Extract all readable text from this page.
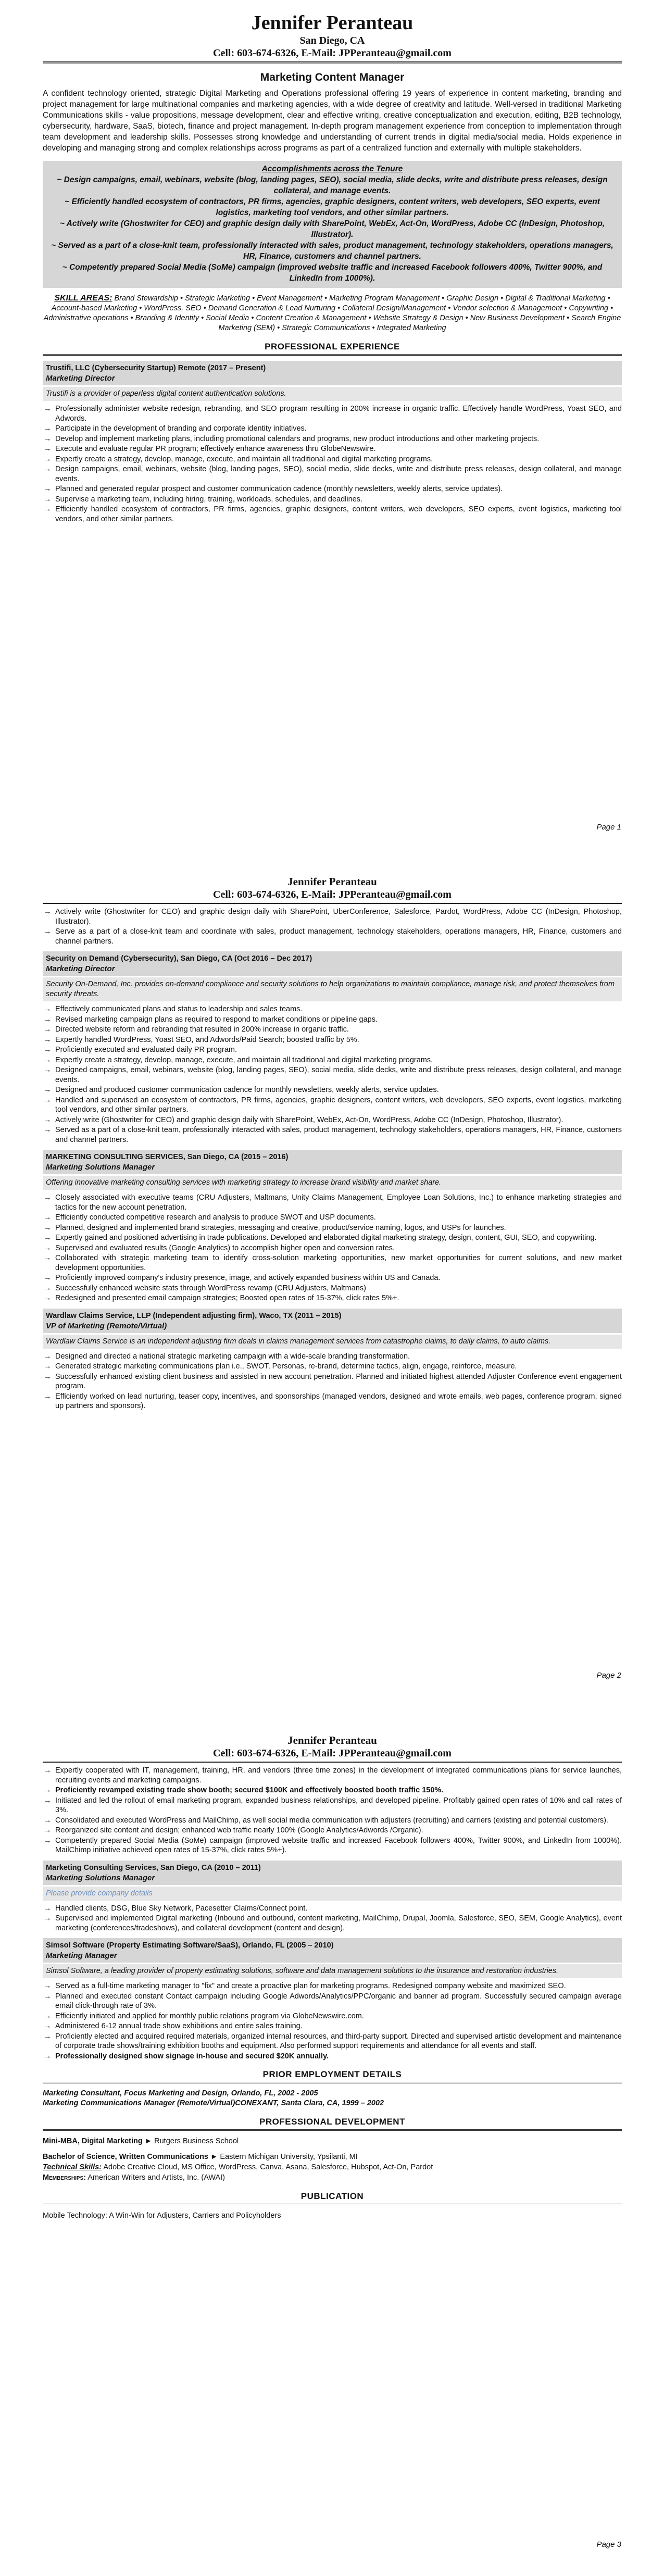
Jennifer Peranteau
San Diego, CA
Cell: 603-674-6326, E-Mail: JPPeranteau@gmail.com
Marketing Content Manager

A confident technology oriented, strategic Digital Marketing and Operations professional offering 19 years of experience in content marketing, branding and project management for large multinational companies and marketing agencies, with a wide degree of creativity and latitude. Well-versed in traditional Marketing Communications skills - value propositions, message development, clear and effective writing, creative conceptualization and execution, editing, B2B technology, cybersecurity, hardware, SaaS, biotech, finance and project management. In-depth program management experience from conception to implementation through team development and leadership skills. Possesses strong knowledge and understanding of current trends in digital media/social media. Holds experience in developing and managing strong and complex relationships across programs as part of a centralized function and externally with multiple stakeholders.

Accomplishments across the Tenure
~ Design campaigns, email, webinars, website (blog, landing pages, SEO), social media, slide decks, write and distribute press releases, design collateral, and manage events.
~ Efficiently handled ecosystem of contractors, PR firms, agencies, graphic designers, content writers, web developers, SEO experts, event logistics, marketing tool vendors, and other similar partners.
~ Actively write (Ghostwriter for CEO) and graphic design daily with SharePoint, WebEx, Act-On, WordPress, Adobe CC (InDesign, Photoshop, Illustrator).
~ Served as a part of a close-knit team, professionally interacted with sales, product management, technology stakeholders, operations managers, HR, Finance, customers and channel partners.
~ Competently prepared Social Media (SoMe) campaign (improved website traffic and increased Facebook followers 400%, Twitter 900%, and LinkedIn from 1000%).
SKILL AREAS: Brand Stewardship • Strategic Marketing • Event Management • Marketing Program Management • Graphic Design • Digital & Traditional Marketing • Account-based Marketing • WordPress, SEO • Demand Generation & Lead Nurturing • Collateral Design/Management • Vendor selection & Management • Copywriting • Administrative operations • Branding & Identity • Social Media • Content Creation & Management • Website Strategy & Design • New Business Development • Search Engine Marketing (SEM) • Strategic Communications • Integrated Marketing
PROFESSIONAL EXPERIENCE
Trustifi, LLC (Cybersecurity Startup) Remote (2017 – Present)
Marketing Director
Trustifi is a provider of paperless digital content authentication solutions.
→ Professionally administer website redesign, rebranding, and SEO program resulting in 200% increase in organic traffic. Effectively handle WordPress, Yoast SEO, and Adwords.
→ Participate in the development of branding and corporate identity initiatives.
→ Develop and implement marketing plans, including promotional calendars and programs, new product introductions and other marketing projects.
→ Execute and evaluate regular PR program; effectively enhance awareness thru GlobeNewswire.
→ Expertly create a strategy, develop, manage, execute, and maintain all traditional and digital marketing programs.
→ Design campaigns, email, webinars, website (blog, landing pages, SEO), social media, slide decks, write and distribute press releases, design collateral, and manage events.
→ Planned and generated regular prospect and customer communication cadence (monthly newsletters, weekly alerts, service updates).
→ Supervise a marketing team, including hiring, training, workloads, schedules, and deadlines.
→ Efficiently handled ecosystem of contractors, PR firms, agencies, graphic designers, content writers, web developers, SEO experts, event logistics, marketing tool vendors, and other similar partners.
Page 1
Jennifer Peranteau
Cell: 603-674-6326, E-Mail: JPPeranteau@gmail.com
→ Actively write (Ghostwriter for CEO) and graphic design daily with SharePoint, UberConference, Salesforce, Pardot, WordPress, Adobe CC (InDesign, Photoshop, Illustrator).
→ Serve as a part of a close-knit team and coordinate with sales, product management, technology stakeholders, operations managers, HR, Finance, customers and channel partners.
Security on Demand (Cybersecurity), San Diego, CA (Oct 2016 – Dec 2017)
Marketing Director
Security On-Demand, Inc. provides on-demand compliance and security solutions to help organizations to maintain compliance, manage risk, and protect themselves from security threats.
→ Effectively communicated plans and status to leadership and sales teams.
→ Revised marketing campaign plans as required to respond to market conditions or pipeline gaps.
→ Directed website reform and rebranding that resulted in 200% increase in organic traffic.
→ Expertly handled WordPress, Yoast SEO, and Adwords/Paid Search; boosted traffic by 5%.
→ Proficiently executed and evaluated daily PR program.
→ Expertly create a strategy, develop, manage, execute, and maintain all traditional and digital marketing programs.
→ Designed campaigns, email, webinars, website (blog, landing pages, SEO), social media, slide decks, write and distribute press releases, design collateral, and manage events.
→ Designed and produced customer communication cadence for monthly newsletters, weekly alerts, service updates.
→ Handled and supervised an ecosystem of contractors, PR firms, agencies, graphic designers, content writers, web developers, SEO experts, event logistics, marketing tool vendors, and other similar partners.
→ Actively write (Ghostwriter for CEO) and graphic design daily with SharePoint, WebEx, Act-On, WordPress, Adobe CC (InDesign, Photoshop, Illustrator).
→ Served as a part of a close-knit team, professionally interacted with sales, product management, technology stakeholders, operations managers, HR, Finance, customers and channel partners.
MARKETING CONSULTING SERVICES, San Diego, CA (2015 – 2016)
Marketing Solutions Manager
Offering innovative marketing consulting services with marketing strategy to increase brand visibility and market share.
→ Closely associated with executive teams (CRU Adjusters, Maltmans, Unity Claims Management, Employee Loan Solutions, Inc.) to enhance marketing strategies and tactics for the new account penetration.
→ Efficiently conducted competitive research and analysis to produce SWOT and USP documents.
→ Planned, designed and implemented brand strategies, messaging and creative, product/service naming, logos, and USPs for launches.
→ Expertly gained and positioned advertising in trade publications. Developed and elaborated digital marketing strategy, design, content, GUI, SEO, and copywriting.
→ Supervised and evaluated results (Google Analytics) to accomplish higher open and conversion rates.
→ Collaborated with strategic marketing team to identify cross-solution marketing opportunities, new market opportunities for current solutions, and new market development opportunities.
→ Proficiently improved company's industry presence, image, and actively expanded business within US and Canada.
→ Successfully enhanced website stats through WordPress revamp (CRU Adjusters, Maltmans)
→ Redesigned and presented email campaign strategies; Boosted open rates of 15-37%, click rates 5%+.
Wardlaw Claims Service, LLP (Independent adjusting firm), Waco, TX (2011 – 2015)
VP of Marketing (Remote/Virtual)
Wardlaw Claims Service is an independent adjusting firm deals in claims management services from catastrophe claims, to daily claims, to auto claims.
→ Designed and directed a national strategic marketing campaign with a wide-scale branding transformation.
→ Generated strategic marketing communications plan i.e., SWOT, Personas, re-brand, determine tactics, align, engage, reinforce, measure.
→ Successfully enhanced existing client business and assisted in new account penetration. Planned and initiated highest attended Adjuster Conference event engagement program.
→ Efficiently worked on lead nurturing, teaser copy, incentives, and sponsorships (managed vendors, designed and wrote emails, web pages, conference program, signed up partners and sponsors).
Page 2
Jennifer Peranteau
Cell: 603-674-6326, E-Mail: JPPeranteau@gmail.com
→ Expertly cooperated with IT, management, training, HR, and vendors (three time zones) in the development of integrated communications plans for service launches, recruiting events and marketing campaigns.
→ Proficiently revamped existing trade show booth; secured $100K and effectively boosted booth traffic 150%.
→ Initiated and led the rollout of email marketing program, expanded business relationships, and developed pipeline. Profitably gained open rates of 10% and call rates of 3%.
→ Consolidated and executed WordPress and MailChimp, as well social media communication with adjusters (recruiting) and carriers (existing and potential customers).
→ Reorganized site content and design; enhanced web traffic nearly 100% (Google Analytics/Adwords /Organic).
→ Competently prepared Social Media (SoMe) campaign (improved website traffic and increased Facebook followers 400%, Twitter 900%, and LinkedIn from 1000%). MailChimp initiative achieved open rates of 15-37%, click rates 5%+).
Marketing Consulting Services, San Diego, CA (2010 – 2011)
Marketing Solutions Manager
Please provide company details
→ Handled clients, DSG, Blue Sky Network, Pacesetter Claims/Connect point.
→ Supervised and implemented Digital marketing (Inbound and outbound, content marketing, MailChimp, Drupal, Joomla, Salesforce, SEO, SEM, Google Analytics), event marketing (conferences/tradeshows), and collateral development (content and design).
Simsol Software (Property Estimating Software/SaaS), Orlando, FL (2005 – 2010)
Marketing Manager
Simsol Software, a leading provider of property estimating solutions, software and data management solutions to the insurance and restoration industries.
→ Served as a full-time marketing manager to "fix" and create a proactive plan for marketing programs. Redesigned company website and maximized SEO.
→ Planned and executed constant Contact campaign including Google Adwords/Analytics/PPC/organic and banner ad program. Successfully secured campaign average email click-through rate of 3%.
→ Efficiently initiated and applied for monthly public relations program via GlobeNewswire.com.
→ Administered 6-12 annual trade show exhibitions and entire sales training.
→ Proficiently elected and acquired required materials, organized internal resources, and third-party support. Directed and supervised artistic development and maintenance of corporate trade shows/training exhibition booths and equipment. Also performed support requirements and attendance for all events and staff.
→ Professionally designed show signage in-house and secured $20K annually.
PRIOR EMPLOYMENT DETAILS
Marketing Consultant, Focus Marketing and Design, Orlando, FL, 2002 - 2005
Marketing Communications Manager (Remote/Virtual)CONEXANT, Santa Clara, CA, 1999 – 2002
PROFESSIONAL DEVELOPMENT
Mini-MBA, Digital Marketing ► Rutgers Business School
Bachelor of Science, Written Communications ► Eastern Michigan University, Ypsilanti, MI
Technical Skills: Adobe Creative Cloud, MS Office, WordPress, Canva, Asana, Salesforce, Hubspot, Act-On, Pardot
Memberships: American Writers and Artists, Inc. (AWAI)
PUBLICATION
Mobile Technology: A Win-Win for Adjusters, Carriers and Policyholders
Page 3
